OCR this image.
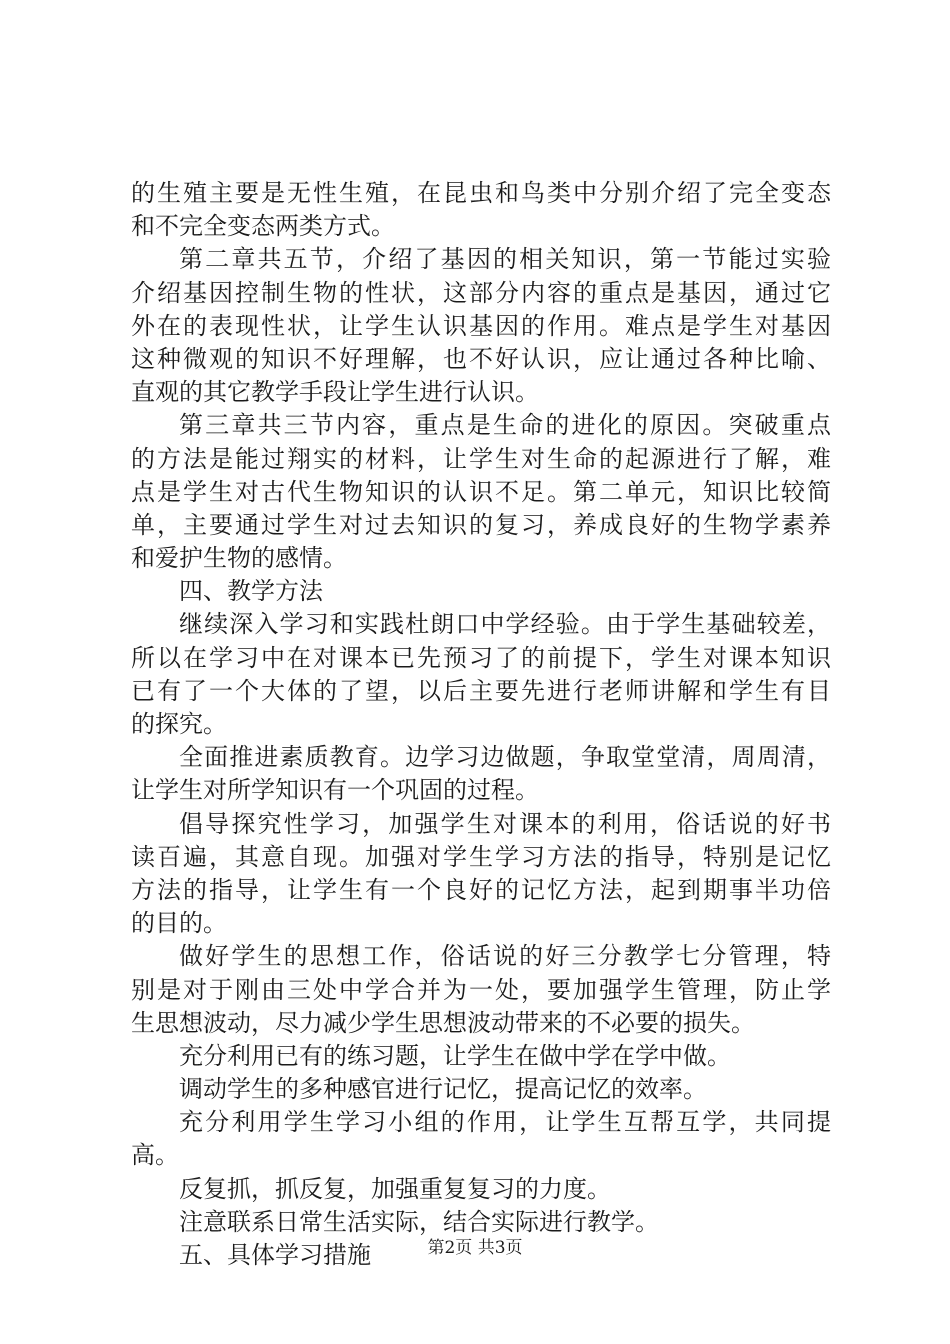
的生殖主要是无性生殖，在昆虫和鸟类中分别介绍了完全变态
和不完全变态两类方式。
第二章共五节，介绍了基因的相关知识，第一节能过实验
介绍基因控制生物的性状，这部分内容的重点是基因，通过它
外在的表现性状，让学生认识基因的作用。难点是学生对基因
这种微观的知识不好理解，也不好认识，应让通过各种比喻、
直观的其它教学手段让学生进行认识。
第三章共三节内容，重点是生命的进化的原因。突破重点
的方法是能过翔实的材料，让学生对生命的起源进行了解，难
点是学生对古代生物知识的认识不足。第二单元，知识比较简
单，主要通过学生对过去知识的复习，养成良好的生物学素养
和爱护生物的感情。
四、教学方法
继续深入学习和实践杜朗口中学经验。由于学生基础较差，
所以在学习中在对课本已先预习了的前提下，学生对课本知识
已有了一个大体的了望，以后主要先进行老师讲解和学生有目
的探究。
全面推进素质教育。边学习边做题，争取堂堂清，周周清，
让学生对所学知识有一个巩固的过程。
倡导探究性学习，加强学生对课本的利用，俗话说的好书
读百遍，其意自现。加强对学生学习方法的指导，特别是记忆
方法的指导，让学生有一个良好的记忆方法，起到期事半功倍
的目的。
做好学生的思想工作，俗话说的好三分教学七分管理，特
别是对于刚由三处中学合并为一处，要加强学生管理，防止学
生思想波动，尽力减少学生思想波动带来的不必要的损失。
充分利用已有的练习题，让学生在做中学在学中做。
调动学生的多种感官进行记忆，提高记忆的效率。
充分利用学生学习小组的作用，让学生互帮互学，共同提
高。
反复抓，抓反复，加强重复复习的力度。
注意联系日常生活实际，结合实际进行教学。
五、具体学习措施	第2页 共3页
